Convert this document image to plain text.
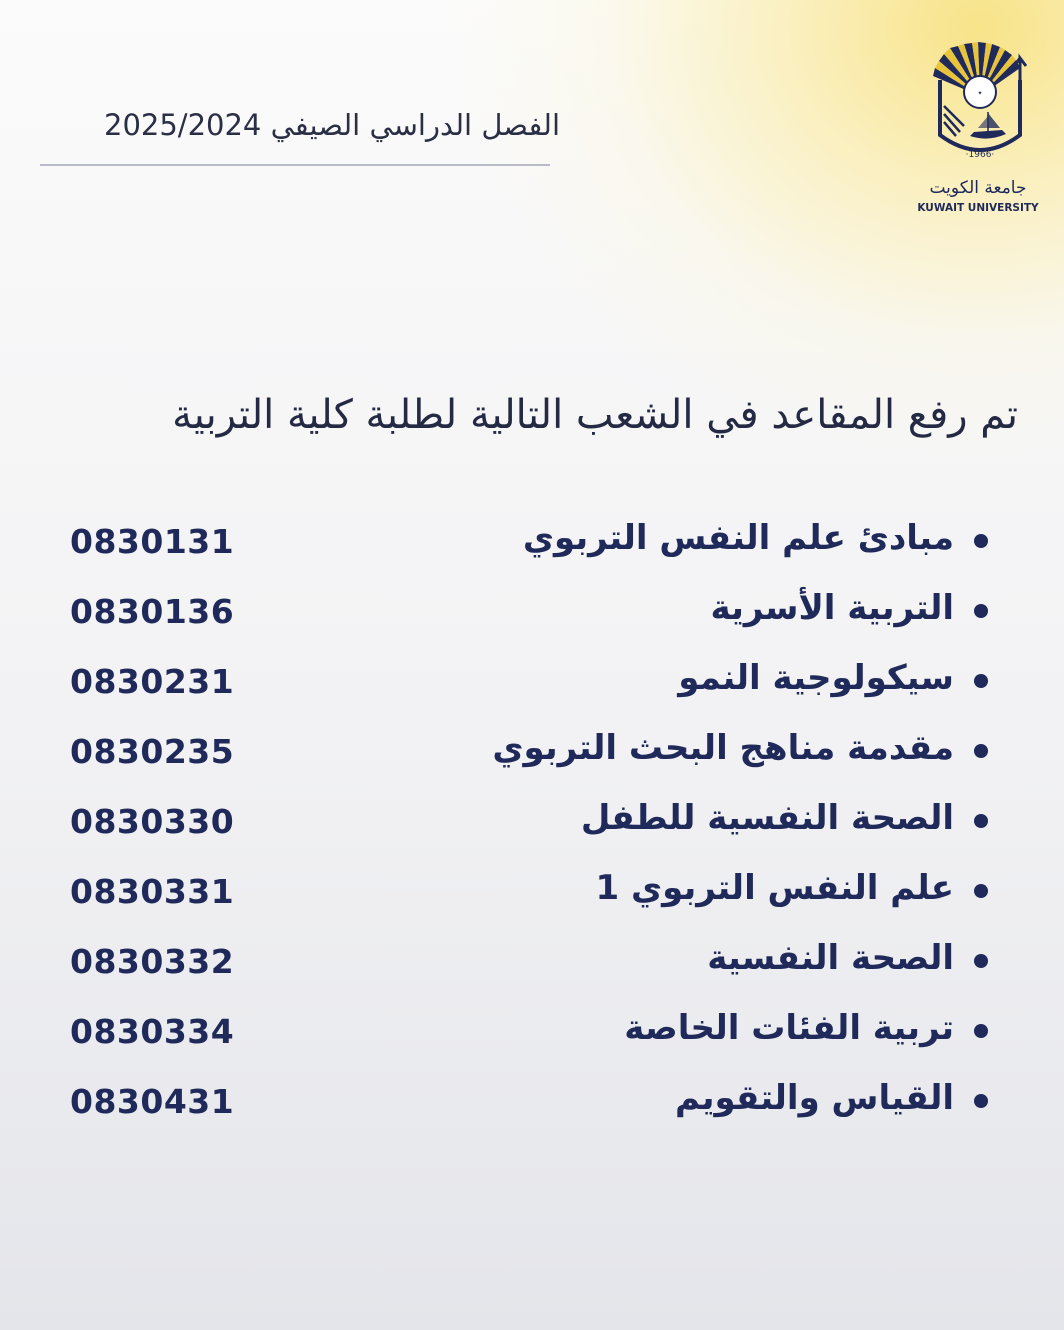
الفصل الدراسي الصيفي 2025/2024
✦
·1966·
جامعة الكويت
KUWAIT UNIVERSITY
تم رفع المقاعد في الشعب التالية لطلبة كلية التربية
مبادئ علم النفس التربوي
0830131
التربية الأسرية
0830136
سيكولوجية النمو
0830231
مقدمة مناهج البحث التربوي
0830235
الصحة النفسية للطفل
0830330
علم النفس التربوي 1
0830331
الصحة النفسية
0830332
تربية الفئات الخاصة
0830334
القياس والتقويم
0830431
